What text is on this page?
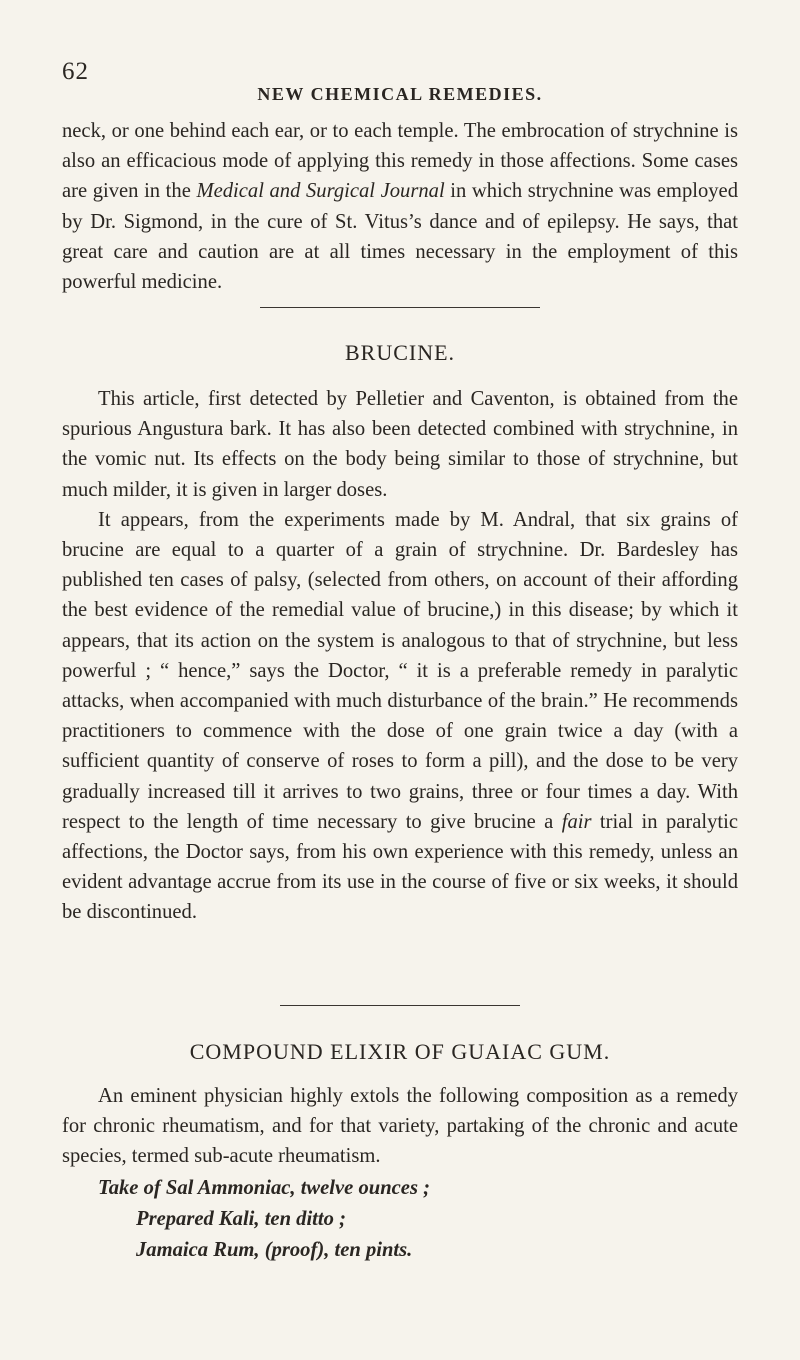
62
NEW CHEMICAL REMEDIES.

neck, or one behind each ear, or to each temple. The embrocation of strychnine is also an efficacious mode of applying this remedy in those affections. Some cases are given in the Medical and Surgical Journal in which strychnine was employed by Dr. Sigmond, in the cure of St. Vitus’s dance and of epilepsy. He says, that great care and caution are at all times necessary in the employment of this powerful medicine.

BRUCINE.

This article, first detected by Pelletier and Caventon, is obtained from the spurious Angustura bark. It has also been detected combined with strychnine, in the vomic nut. Its effects on the body being similar to those of strychnine, but much milder, it is given in larger doses.

It appears, from the experiments made by M. Andral, that six grains of brucine are equal to a quarter of a grain of strychnine. Dr. Bardesley has published ten cases of palsy, (selected from others, on account of their affording the best evidence of the remedial value of brucine,) in this disease; by which it appears, that its action on the system is analogous to that of strychnine, but less powerful ; “ hence,” says the Doctor, “ it is a preferable remedy in paralytic attacks, when accompanied with much disturbance of the brain.” He recommends practitioners to commence with the dose of one grain twice a day (with a sufficient quantity of conserve of roses to form a pill), and the dose to be very gradually increased till it arrives to two grains, three or four times a day. With respect to the length of time necessary to give brucine a fair trial in paralytic affections, the Doctor says, from his own experience with this remedy, unless an evident advantage accrue from its use in the course of five or six weeks, it should be discontinued.

COMPOUND ELIXIR OF GUAIAC GUM.

An eminent physician highly extols the following composition as a remedy for chronic rheumatism, and for that variety, partaking of the chronic and acute species, termed sub-acute rheumatism.

Take of Sal Ammoniac, twelve ounces ;
Prepared Kali, ten ditto ;
Jamaica Rum, (proof), ten pints.
